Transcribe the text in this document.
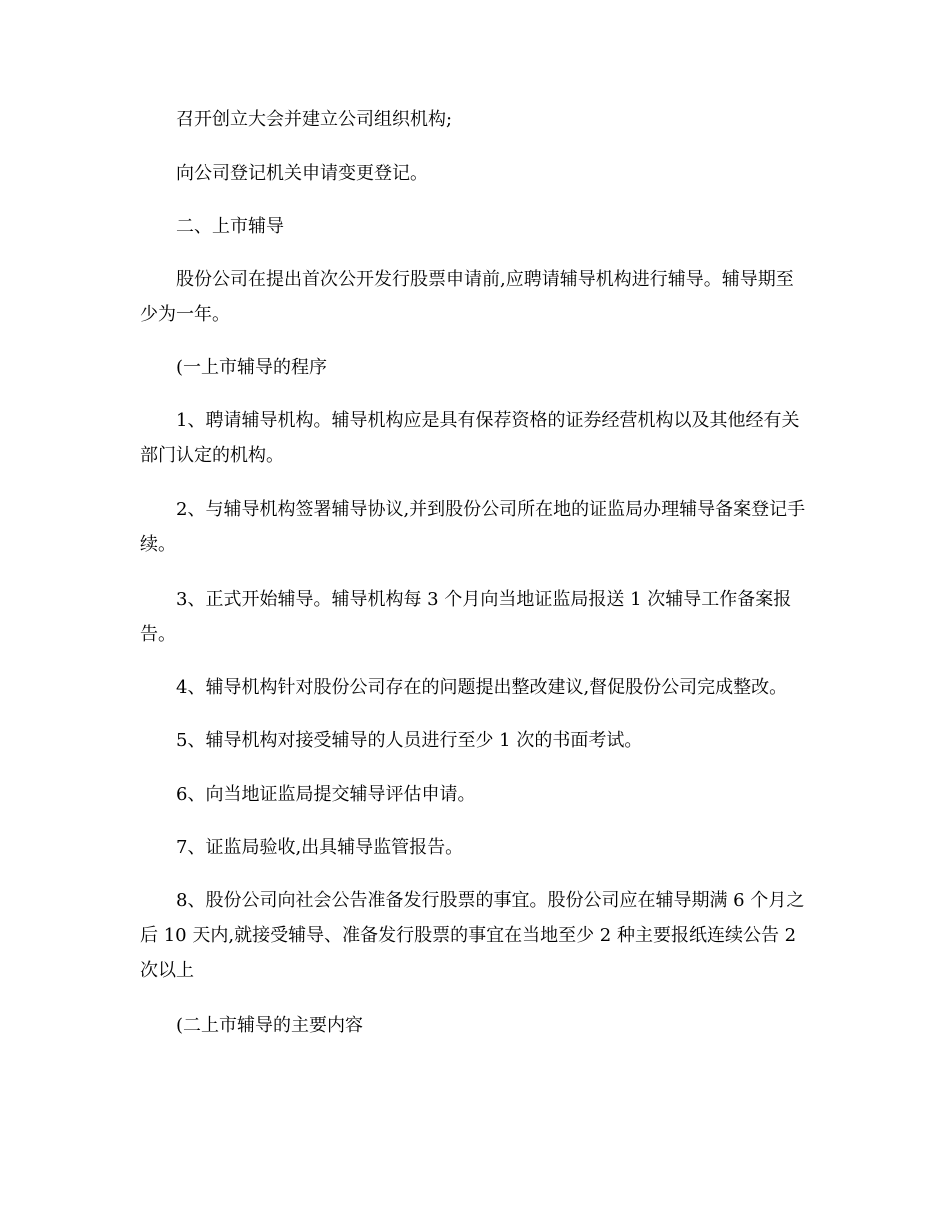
召开创立大会并建立公司组织机构;

向公司登记机关申请变更登记。

二、上市辅导

股份公司在提出首次公开发行股票申请前,应聘请辅导机构进行辅导。辅导期至少为一年。

(一上市辅导的程序

1、聘请辅导机构。辅导机构应是具有保荐资格的证券经营机构以及其他经有关部门认定的机构。

2、与辅导机构签署辅导协议,并到股份公司所在地的证监局办理辅导备案登记手续。

3、正式开始辅导。辅导机构每 3 个月向当地证监局报送 1 次辅导工作备案报告。

4、辅导机构针对股份公司存在的问题提出整改建议,督促股份公司完成整改。

5、辅导机构对接受辅导的人员进行至少 1 次的书面考试。

6、向当地证监局提交辅导评估申请。

7、证监局验收,出具辅导监管报告。

8、股份公司向社会公告准备发行股票的事宜。股份公司应在辅导期满 6 个月之后 10 天内,就接受辅导、准备发行股票的事宜在当地至少 2 种主要报纸连续公告 2 次以上

(二上市辅导的主要内容
